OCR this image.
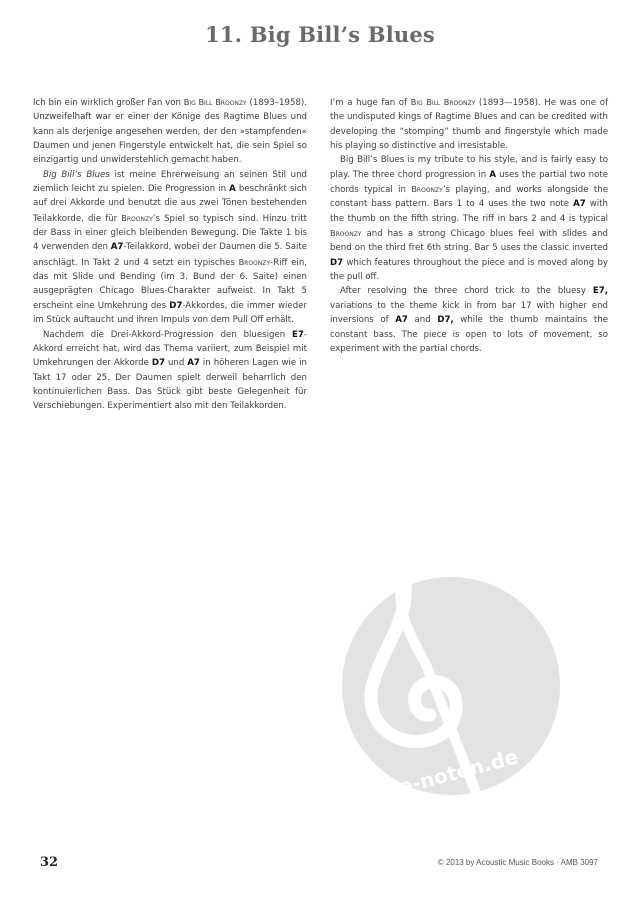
11. Big Bill’s Blues

Ich bin ein wirklich großer Fan von Big Bill Broonzy (1893–1958). Unzweifelhaft war er einer der Könige des Ragtime Blues und kann als derjenige angesehen werden, der den »stampfenden« Daumen und jenen Fingerstyle entwickelt hat, die sein Spiel so einzigartig und unwiderstehlich gemacht haben.

Big Bill’s Blues ist meine Ehrerweisung an seinen Stil und ziemlich leicht zu spielen. Die Progression in A beschränkt sich auf drei Akkorde und benutzt die aus zwei Tönen bestehenden Teilakkorde, die für Broonzy’s Spiel so typisch sind. Hinzu tritt der Bass in einer gleich bleibenden Bewegung. Die Takte 1 bis 4 verwenden den A7-Teilakkord, wobei der Daumen die 5. Saite anschlägt. In Takt 2 und 4 setzt ein typisches Broonzy-Riff ein, das mit Slide und Bending (im 3. Bund der 6. Saite) einen ausgeprägten Chicago Blues-Charakter aufweist. In Takt 5 erscheint eine Umkehrung des D7-Akkordes, die immer wieder im Stück auftaucht und ihren Impuls von dem Pull Off erhält.

Nachdem die Drei-Akkord-Progression den bluesigen E7-Akkord erreicht hat, wird das Thema variiert, zum Beispiel mit Umkehrungen der Akkorde D7 und A7 in höheren Lagen wie in Takt 17 oder 25. Der Daumen spielt derweil beharrlich den kontinuierlichen Bass. Das Stück gibt beste Gelegenheit für Verschiebungen. Experimentiert also mit den Teilakkorden.

I’m a huge fan of Big Bill Broonzy (1893—1958). He was one of the undisputed kings of Ragtime Blues and can be credited with developing the “stomping” thumb and fingerstyle which made his playing so distinctive and irresistable.

Big Bill’s Blues is my tribute to his style, and is fairly easy to play. The three chord progression in A uses the partial two note chords typical in Broonzy’s playing, and works alongside the constant bass pattern. Bars 1 to 4 uses the two note A7 with the thumb on the fifth string. The riff in bars 2 and 4 is typical Broonzy and has a strong Chicago blues feel with slides and bend on the third fret 6th string. Bar 5 uses the classic inverted D7 which features throughout the piece and is moved along by the pull off.

After resolving the three chord trick to the bluesy E7, variations to the theme kick in from bar 17 with higher end inversions of A7 and D7, while the thumb maintains the constant bass. The piece is open to lots of movement, so experiment with the partial chords.

alle-noten.de
32	© 2013 by Acoustic Music Books · AMB 3097
